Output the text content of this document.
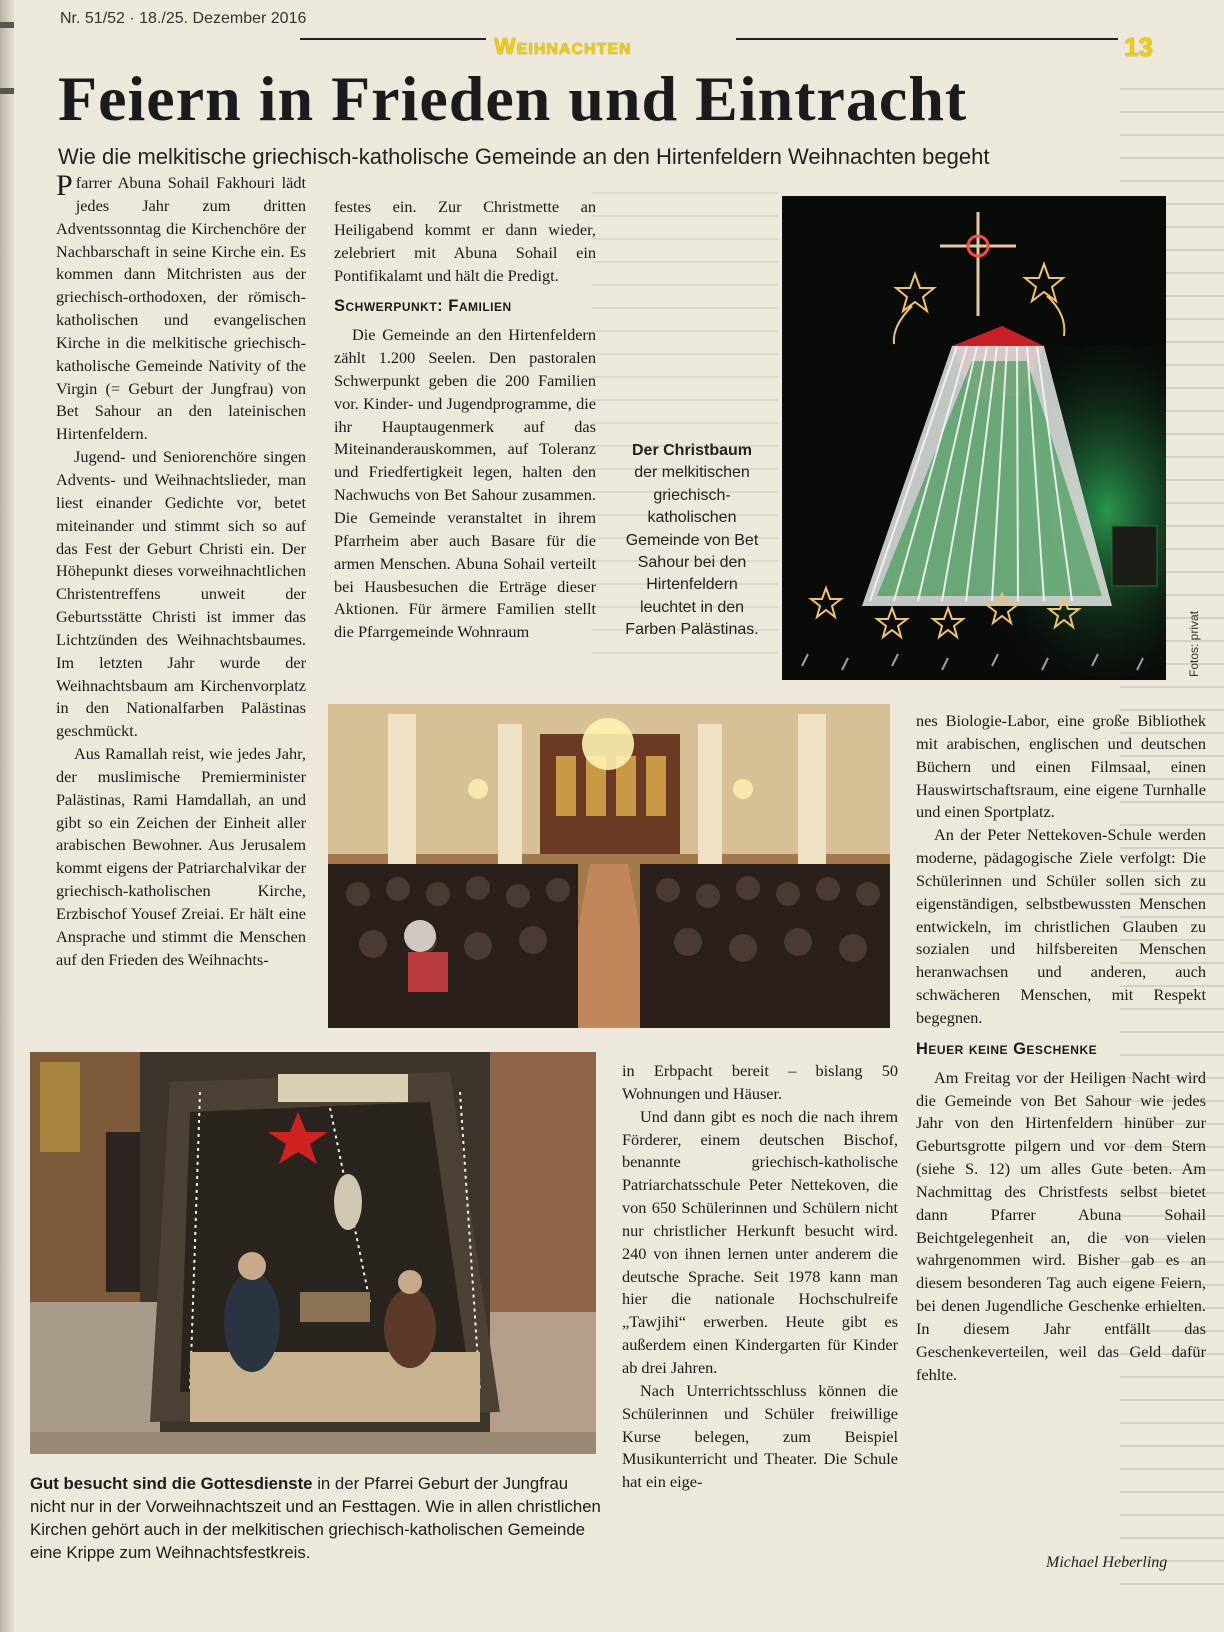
Nr. 51/52 · 18./25. Dezember 2016
Weihnachten	13
Feiern in Frieden und Eintracht
Wie die melkitische griechisch-katholische Gemeinde an den Hirtenfeldern Weihnachten begeht

Pfarrer Abuna Sohail Fakhouri lädt jedes Jahr zum dritten Adventssonntag die Kirchenchöre der Nachbarschaft in seine Kirche ein. Es kommen dann Mitchristen aus der griechisch-orthodoxen, der römisch-katholischen und evangelischen Kirche in die melkitische griechisch-katholische Gemeinde Nativity of the Virgin (= Geburt der Jungfrau) von Bet Sahour an den lateinischen Hirtenfeldern.

Jugend- und Seniorenchöre singen Advents- und Weihnachtslieder, man liest einander Gedichte vor, betet miteinander und stimmt sich so auf das Fest der Geburt Christi ein. Der Höhepunkt dieses vorweihnachtlichen Christentreffens unweit der Geburtsstätte Christi ist immer das Lichtzünden des Weihnachtsbaumes. Im letzten Jahr wurde der Weihnachtsbaum am Kirchenvorplatz in den Nationalfarben Palästinas geschmückt.

Aus Ramallah reist, wie jedes Jahr, der muslimische Premierminister Palästinas, Rami Hamdallah, an und gibt so ein Zeichen der Einheit aller arabischen Bewohner. Aus Jerusalem kommt eigens der Patriarchalvikar der griechisch-katholischen Kirche, Erzbischof Yousef Zreiai. Er hält eine Ansprache und stimmt die Menschen auf den Frieden des Weihnachts-

festes ein. Zur Christmette an Heiligabend kommt er dann wieder, zelebriert mit Abuna Sohail ein Pontifikalamt und hält die Predigt.

Schwerpunkt: Familien

Die Gemeinde an den Hirtenfeldern zählt 1.200 Seelen. Den pastoralen Schwerpunkt geben die 200 Familien vor. Kinder- und Jugendprogramme, die ihr Hauptaugenmerk auf das Miteinanderauskommen, auf Toleranz und Friedfertigkeit legen, halten den Nachwuchs von Bet Sahour zusammen. Die Gemeinde veranstaltet in ihrem Pfarrheim aber auch Basare für die armen Menschen. Abuna Sohail verteilt bei Hausbesuchen die Erträge dieser Aktionen. Für ärmere Familien stellt die Pfarrgemeinde Wohnraum

Der Christbaum der melkitischen griechisch-katholischen Gemeinde von Bet Sahour bei den Hirtenfeldern leuchtet in den Farben Palästinas.	Fotos: privat

nes Biologie-Labor, eine große Bibliothek mit arabischen, englischen und deutschen Büchern und einen Filmsaal, einen Hauswirtschaftsraum, eine eigene Turnhalle und einen Sportplatz.

An der Peter Nettekoven-Schule werden moderne, pädagogische Ziele verfolgt: Die Schülerinnen und Schüler sollen sich zu eigenständigen, selbstbewussten Menschen entwickeln, im christlichen Glauben zu sozialen und hilfsbereiten Menschen heranwachsen und anderen, auch schwächeren Menschen, mit Respekt begegnen.

Heuer keine Geschenke

Am Freitag vor der Heiligen Nacht wird die Gemeinde von Bet Sahour wie jedes Jahr von den Hirtenfeldern hinüber zur Geburtsgrotte pilgern und vor dem Stern (siehe S. 12) um alles Gute beten. Am Nachmittag des Christfests selbst bietet dann Pfarrer Abuna Sohail Beichtgelegenheit an, die von vielen wahrgenommen wird. Bisher gab es an diesem besonderen Tag auch eigene Feiern, bei denen Jugendliche Geschenke erhielten. In diesem Jahr entfällt das Geschenkeverteilen, weil das Geld dafür fehlte.

Gut besucht sind die Gottesdienste in der Pfarrei Geburt der Jungfrau nicht nur in der Vorweihnachtszeit und an Festtagen. Wie in allen christlichen Kirchen gehört auch in der melkitischen griechisch-katholischen Gemeinde eine Krippe zum Weihnachtsfestkreis.

in Erbpacht bereit – bislang 50 Wohnungen und Häuser.

Und dann gibt es noch die nach ihrem Förderer, einem deutschen Bischof, benannte griechisch-katholische Patriarchatsschule Peter Nettekoven, die von 650 Schülerinnen und Schülern nicht nur christlicher Herkunft besucht wird. 240 von ihnen lernen unter anderem die deutsche Sprache. Seit 1978 kann man hier die nationale Hochschulreife „Tawjihi“ erwerben. Heute gibt es außerdem einen Kindergarten für Kinder ab drei Jahren.

Nach Unterrichtsschluss können die Schülerinnen und Schüler freiwillige Kurse belegen, zum Beispiel Musikunterricht und Theater. Die Schule hat ein eige-

Michael Heberling
